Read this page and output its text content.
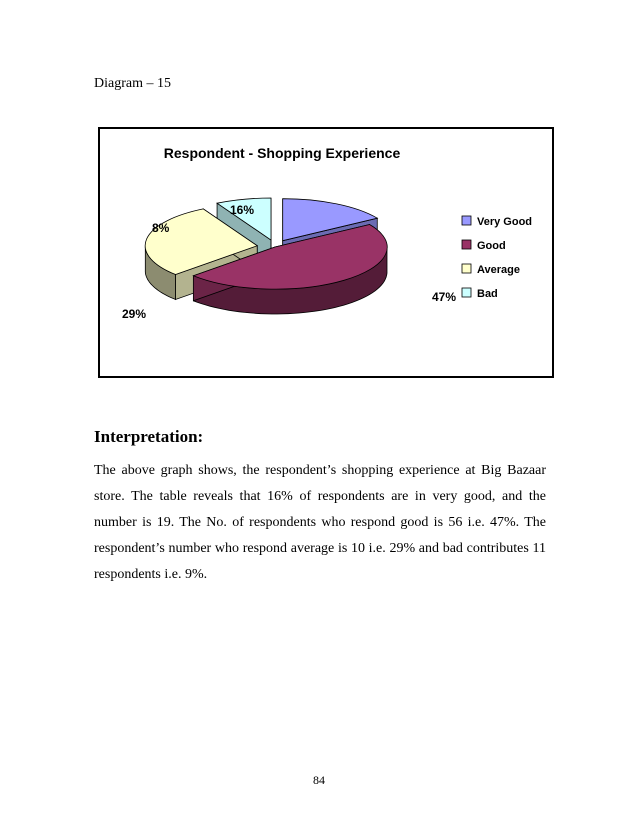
Diagram – 15
Respondent - Shopping Experience
16%
47%
29%
8%	Very Good
Good
Average
Bad
Interpretation:

The above graph shows, the respondent’s shopping experience at Big Bazaar store. The table reveals that 16% of respondents are in very good, and the number is 19. The No. of respondents who respond good is 56 i.e. 47%. The respondent’s number who respond average is 10 i.e. 29% and bad contributes 11 respondents i.e. 9%.

84
